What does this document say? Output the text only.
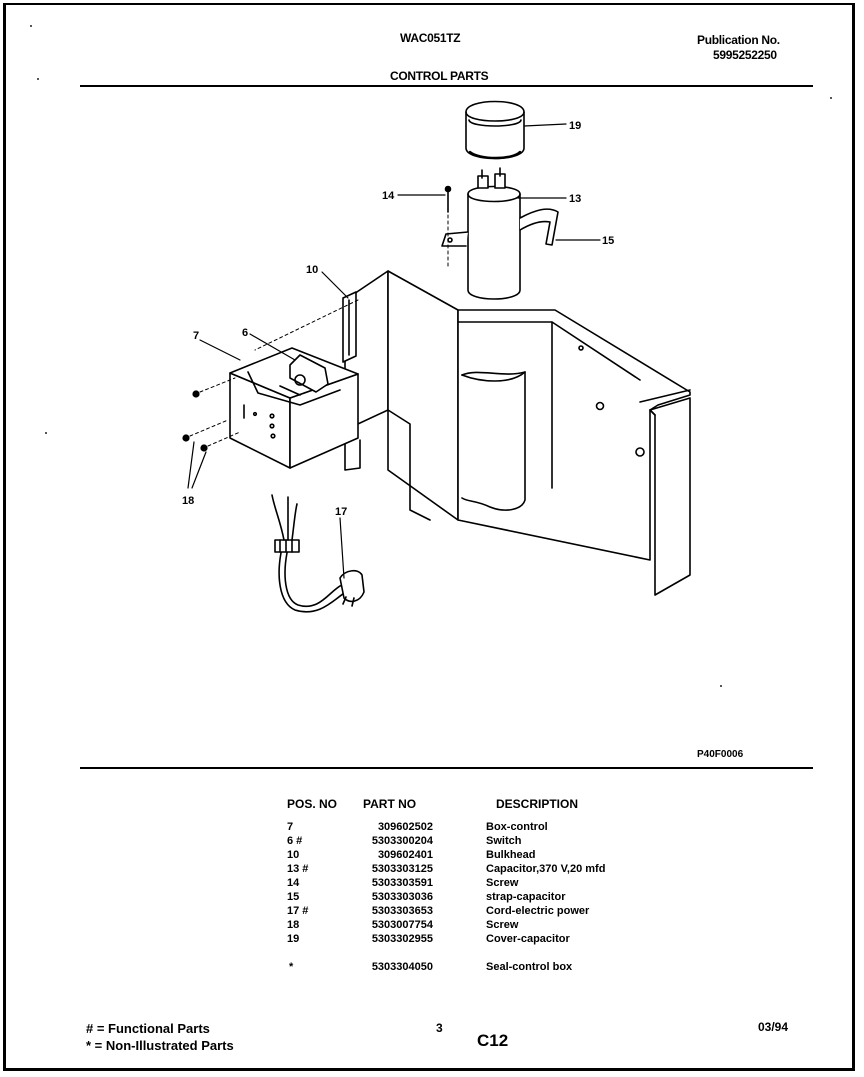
WAC051TZ	Publication No.
5995252250
CONTROL PARTS
19
14	13
15
10
7	6
18
17
P40F0006
POS. NO	PART NO	DESCRIPTION
7	309602502	Box-control
6 #	5303300204	Switch
10	309602401	Bulkhead
13 #	5303303125	Capacitor,370 V,20 mfd
14	5303303591	Screw
15	5303303036	strap-capacitor
17 #	5303303653	Cord-electric power
18	5303007754	Screw
19	5303302955	Cover-capacitor
*	5303304050	Seal-control box
# = Functional Parts
* = Non-Illustrated Parts
3
C12
03/94
